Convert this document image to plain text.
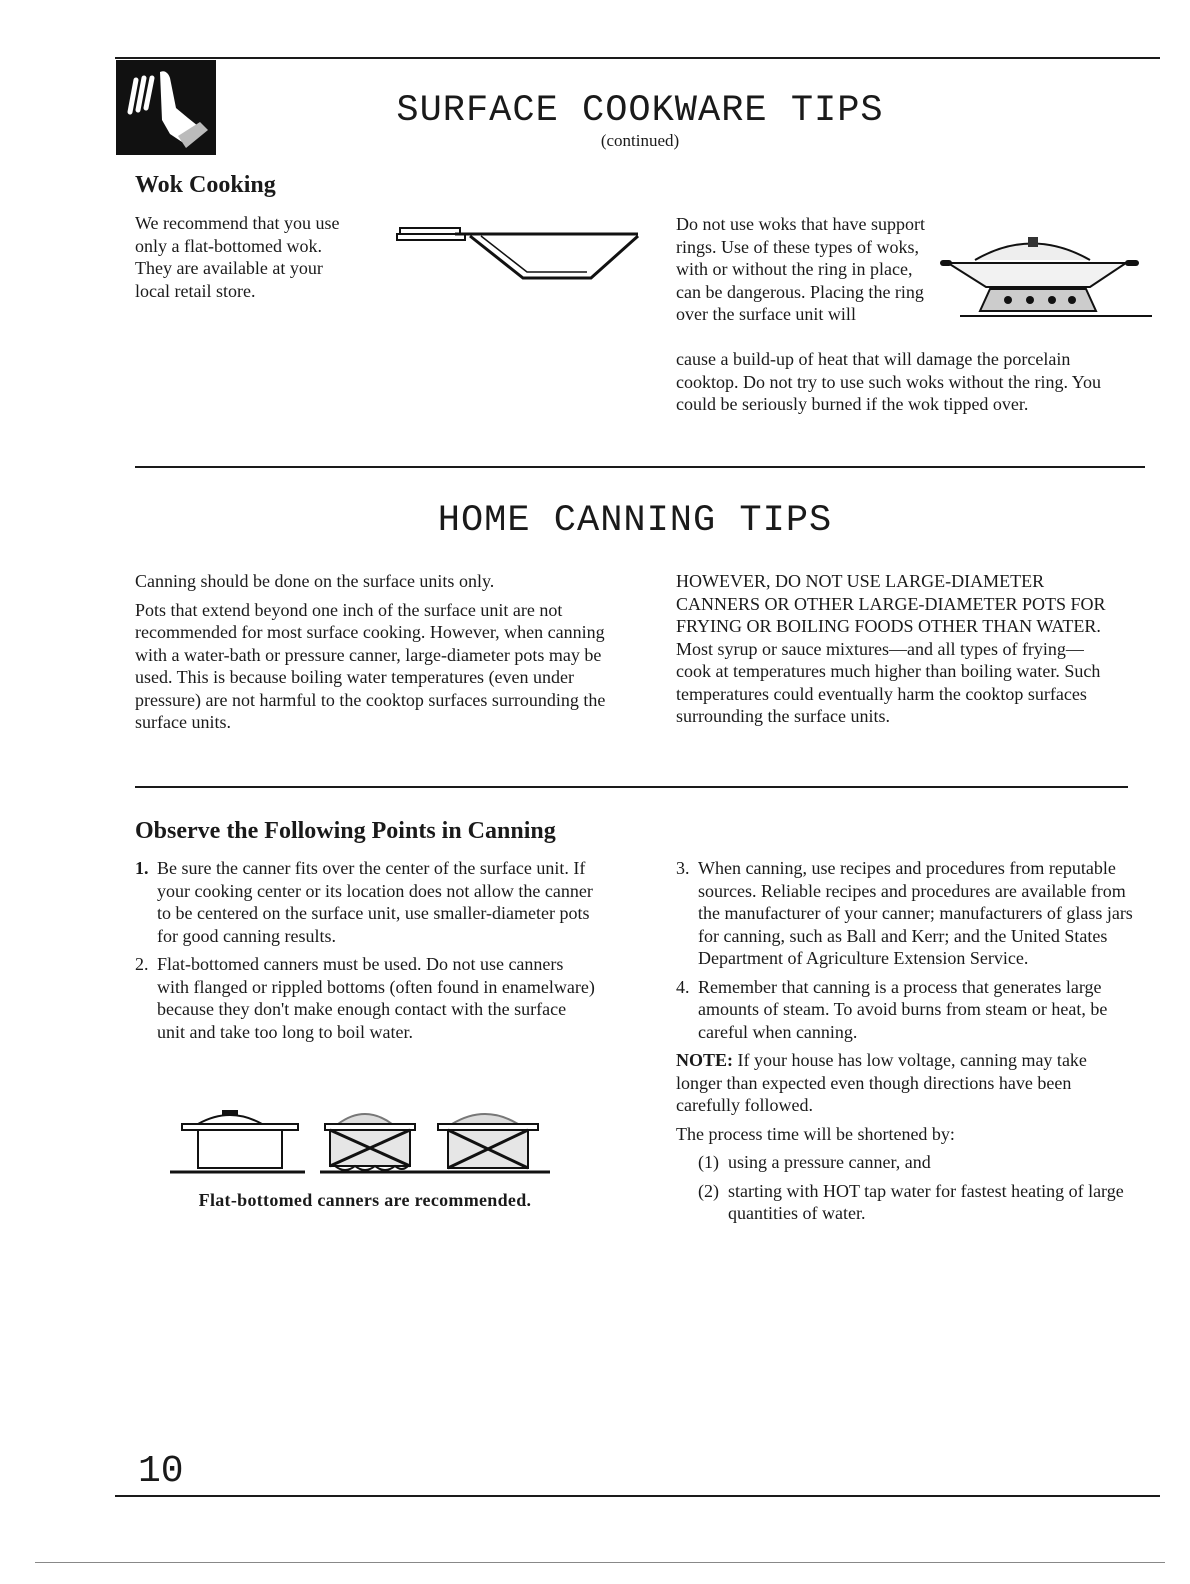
SURFACE COOKWARE TIPS
(continued)
Wok Cooking
We recommend that you use only a flat-bottomed wok. They are available at your local retail store.
Do not use woks that have support rings. Use of these types of woks, with or without the ring in place, can be dangerous. Placing the ring over the surface unit will
cause a build-up of heat that will damage the porcelain cooktop. Do not try to use such woks without the ring. You could be seriously burned if the wok tipped over.
HOME CANNING TIPS

Canning should be done on the surface units only.

Pots that extend beyond one inch of the surface unit are not recommended for most surface cooking. However, when canning with a water-bath or pressure canner, large-diameter pots may be used. This is because boiling water temperatures (even under pressure) are not harmful to the cooktop surfaces surrounding the surface units.

HOWEVER, DO NOT USE LARGE-DIAMETER CANNERS OR OTHER LARGE-DIAMETER POTS FOR FRYING OR BOILING FOODS OTHER THAN WATER. Most syrup or sauce mixtures—and all types of frying—cook at temperatures much higher than boiling water. Such temperatures could eventually harm the cooktop surfaces surrounding the surface units.
Observe the Following Points in Canning
1. Be sure the canner fits over the center of the surface unit. If your cooking center or its location does not allow the canner to be centered on the surface unit, use smaller-diameter pots for good canning results.
2. Flat-bottomed canners must be used. Do not use canners with flanged or rippled bottoms (often found in enamelware) because they don't make enough contact with the surface unit and take too long to boil water.
Flat-bottomed canners are recommended.
3. When canning, use recipes and procedures from reputable sources. Reliable recipes and procedures are available from the manufacturer of your canner; manufacturers of glass jars for canning, such as Ball and Kerr; and the United States Department of Agriculture Extension Service.
4. Remember that canning is a process that generates large amounts of steam. To avoid burns from steam or heat, be careful when canning.
NOTE: If your house has low voltage, canning may take longer than expected even though directions have been carefully followed.
The process time will be shortened by:
(1) using a pressure canner, and
(2) starting with HOT tap water for fastest heating of large quantities of water.
10
